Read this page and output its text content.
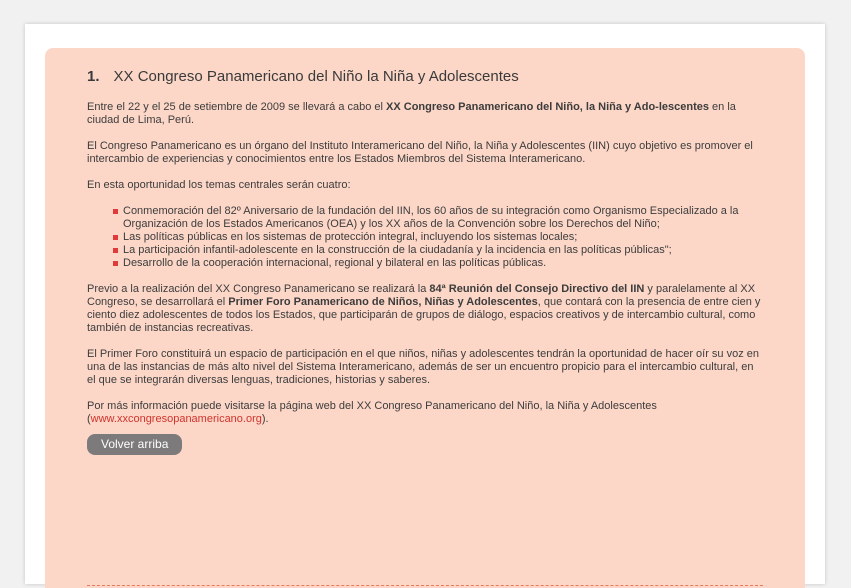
1. XX Congreso Panamericano del Niño la Niña y Adolescentes

Entre el 22 y el 25 de setiembre de 2009 se llevará a cabo el XX Congreso Panamericano del Niño, la Niña y Ado-lescentes en la ciudad de Lima, Perú.

El Congreso Panamericano es un órgano del Instituto Interamericano del Niño, la Niña y Adolescentes (IIN) cuyo objetivo es promover el intercambio de experiencias y conocimientos entre los Estados Miembros del Sistema Interamericano.

En esta oportunidad los temas centrales serán cuatro:

Conmemoración del 82º Aniversario de la fundación del IIN, los 60 años de su integración como Organismo Especializado a la Organización de los Estados Americanos (OEA) y los XX años de la Convención sobre los Derechos del Niño;
Las políticas públicas en los sistemas de protección integral, incluyendo los sistemas locales;
La participación infantil-adolescente en la construcción de la ciudadanía y la incidencia en las políticas públicas";
Desarrollo de la cooperación internacional, regional y bilateral en las políticas públicas.

Previo a la realización del XX Congreso Panamericano se realizará la 84ª Reunión del Consejo Directivo del IIN y paralelamente al XX Congreso, se desarrollará el Primer Foro Panamericano de Niños, Niñas y Adolescentes, que contará con la presencia de entre cien y ciento diez adolescentes de todos los Estados, que participarán de grupos de diálogo, espacios creativos y de intercambio cultural, como también de instancias recreativas.

El Primer Foro constituirá un espacio de participación en el que niños, niñas y adolescentes tendrán la oportunidad de hacer oír su voz en una de las instancias de más alto nivel del Sistema Interamericano, además de ser un encuentro propicio para el intercambio cultural, en el que se integrarán diversas lenguas, tradiciones, historias y saberes.

Por más información puede visitarse la página web del XX Congreso Panamericano del Niño, la Niña y Adolescentes (www.xxcongresopanamericano.org).

Volver arriba
